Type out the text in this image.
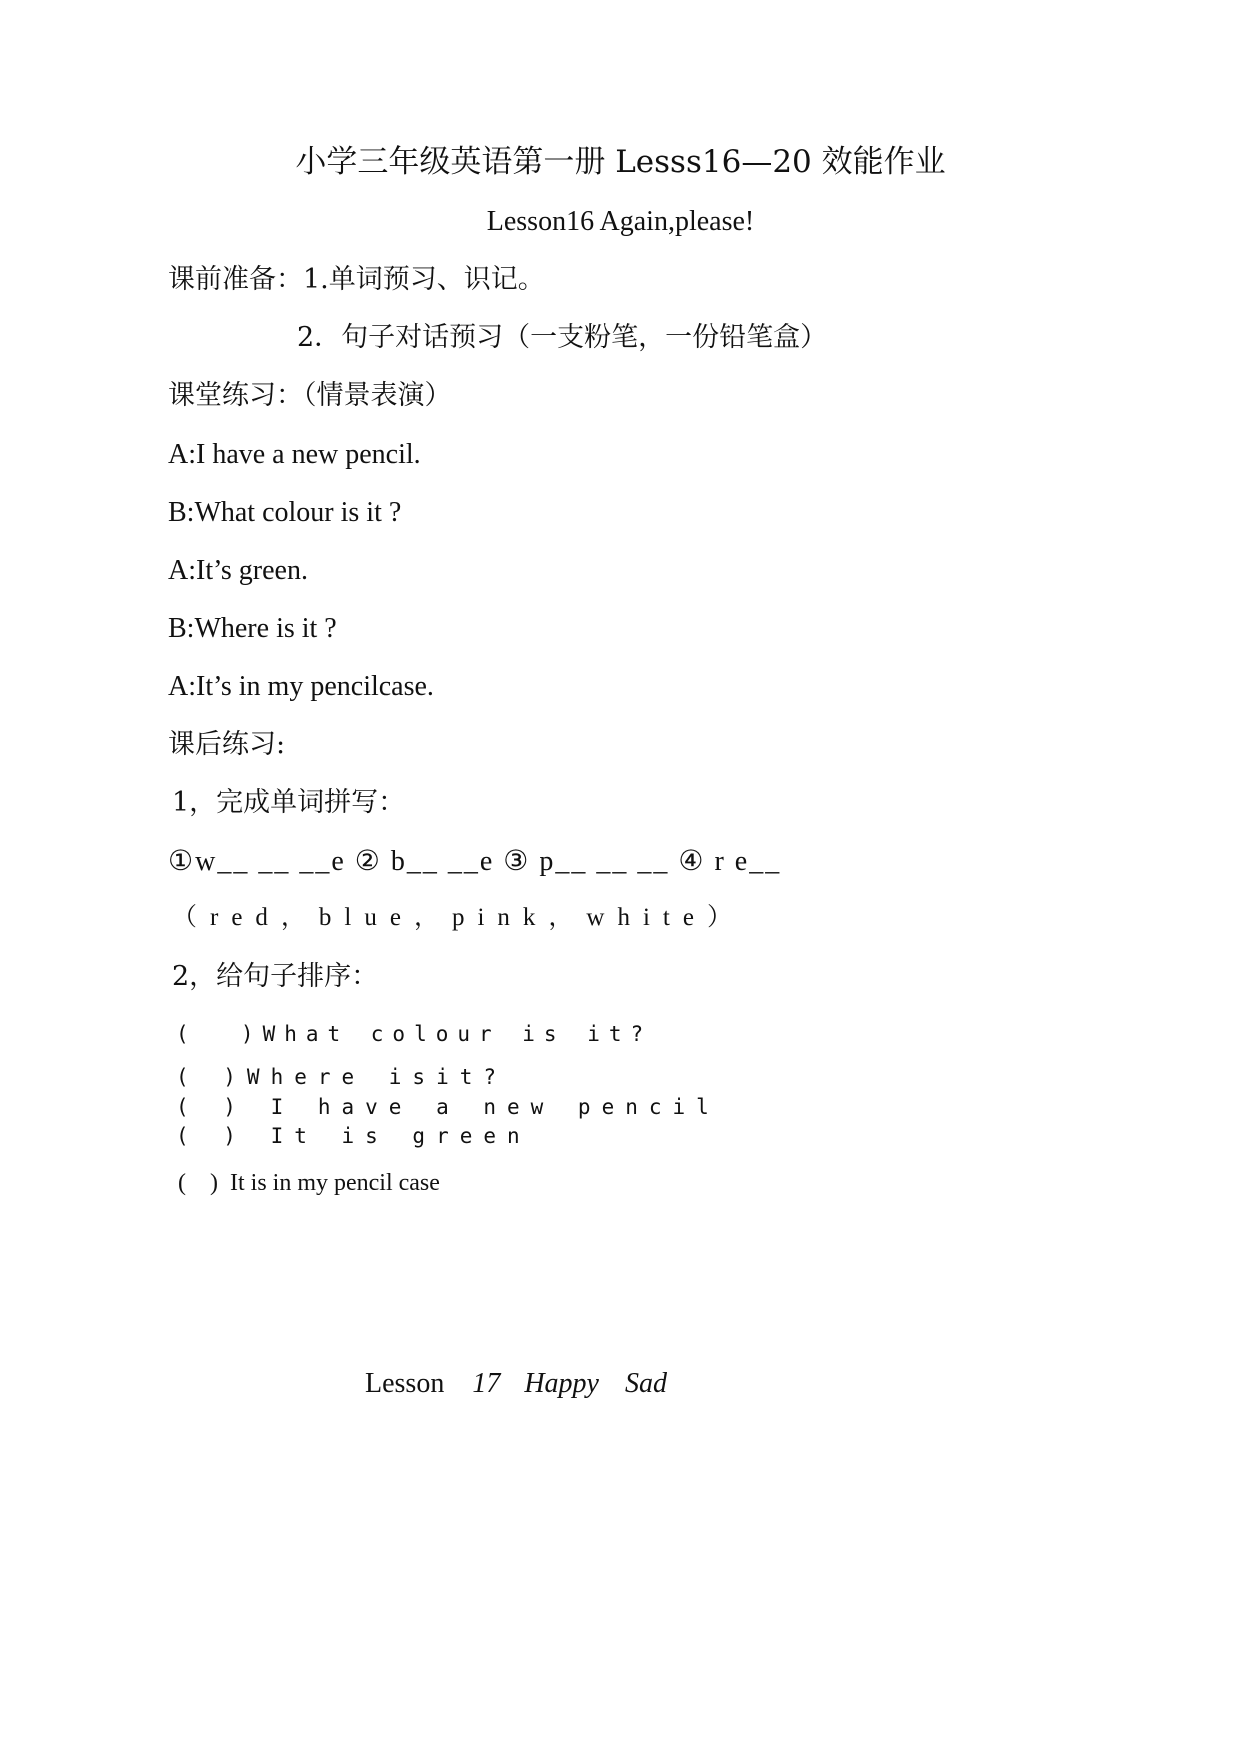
小学三年级英语第一册 Lesss16—20 效能作业
Lesson16 Again,please!
课前准备：1.单词预习、识记。
2．句子对话预习（一支粉笔，一份铅笔盒）
课堂练习：（情景表演）
A:I have a new pencil.
B:What colour is it ?
A:It’s green.
B:Where is it ?
A:It’s in my pencilcase.
课后练习:
1，完成单词拼写：
①w__ __ __e ② b__ __e ③ p__ __ __ ④ r e__
（red，blue，pink，white）
2，给句子排序：
(  )What colour is it?
( )Where isit?
( ) I have a new pencil
( ) It is green
(    )  It is in my pencil case

Lesson 17 Happy Sad
